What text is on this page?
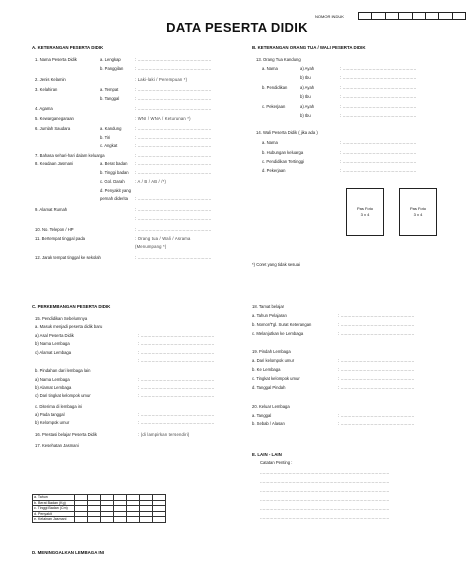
DATA PESERTA DIDIK
NOMOR INDUK
A. KETERANGAN PESERTA DIDIK	B. KETERANGAN ORANG TUA / WALI PESERTA DIDIK
Pas Foto
3 x 4
Pas Foto
3 x 4
*) Coret yang tidak sesuai
C. PERKEMBANGAN PESERTA DIDIK
a. Tahun							
b. Berat Badan (Kg)							
c. Tinggi Badan (Cm)							
d. Penyakit							
e. Kelainan Jasmani							
E. LAIN - LAIN
Catatan Penting :
D. MENINGGALKAN LEMBAGA INI
1. Nama Peserta Didik	a. Lengkap	: ......................................................
b. Panggilan	: ......................................................
2. Jenis Kelamin	: Laki-laki / Perempuan *)
3. Kelahiran	a. Tempat	: ......................................................
b. Tanggal	: ......................................................
4. Agama	: ......................................................
5. Kewarganegaraan	: WNI / WNA / Keturunan *)
6. Jumlah Saudara	a. Kandung	: ......................................................
b. Tiri	: ......................................................
c. Angkat	: ......................................................
7. Bahasa sehari-hari dalam keluarga	: ......................................................
8. Keadaan Jasmani	a. Berat badan : ......................................................
b. Tinggi badan : ......................................................
c. Gol. Darah : A / B / AB / /*)
d. Penyakit yang
pernah diderita : ......................................................
9. Alamat Rumah	: ......................................................
: ......................................................
10. No. Telepon / HP	: ......................................................
11. Bertempat tinggal pada	: Orang tua / Wali / Asrama
(Menumpang *)
12. Jarak tempat tinggal ke sekolah	: ......................................................
13. Orang Tua Kandung
a. Nama	a) Ayah	: ......................................................
b) Ibu	: ......................................................
b. Pendidikan	a) Ayah	: ......................................................
b) Ibu	: ......................................................
c. Pekerjaan	a) Ayah	: ......................................................
b) Ibu	: ......................................................
14. Wali Peserta Didik ( jika ada )
a. Nama	: ......................................................
b. Hubungan keluarga	: ......................................................
c. Pendidikan Tertinggi	: ......................................................
d. Pekerjaan	: ......................................................
15. Pendidikan Sebelumnya
a. Masuk menjadi peserta didik baru
a) Asal Peserta Didik	: ......................................................
b) Nama Lembaga	: ......................................................
c) Alamat Lembaga	: ......................................................
: ......................................................
b. Pindahan dari lembaga lain
a) Nama Lembaga	: ......................................................
b) Alamat Lembaga	: ......................................................
c) Dari tingkat kelompok umur	: ......................................................
c. Diterima di lembaga ini
a) Pada tanggal	: ......................................................
b) Kelompok umur	: ......................................................
16. Prestasi belajar Peserta Didik	: (di lampirkan tersendiri)
17. Kesehatan Jasmani
18. Tamat belajar
a. Tahun Pelajaran	: ......................................................
b. Nomor/Tgl. Surat Keterangan	: ......................................................
c. Melanjutkan ke Lembaga	: ......................................................
19. Pindah Lembaga
a. Dari kelompok umur	: ......................................................
b. Ke Lembaga	: ......................................................
c. Tingkat kelompok umur	: ......................................................
d. Tanggal Pindah	: ......................................................
20. Keluar Lembaga
a. Tanggal	: ......................................................
b. Sebab / Alasan	: ......................................................
...............................................................................................
...............................................................................................
...............................................................................................
...............................................................................................
...............................................................................................
...............................................................................................
